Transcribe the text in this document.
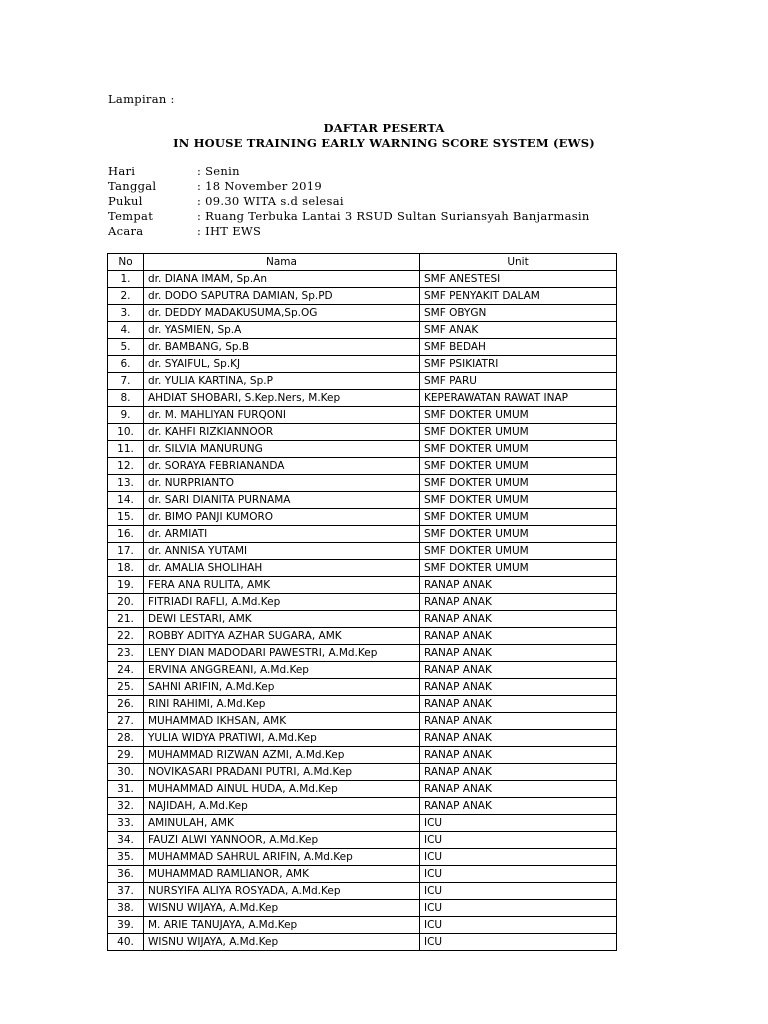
Lampiran :
DAFTAR PESERTA
IN HOUSE TRAINING EARLY WARNING SCORE SYSTEM (EWS)
Hari	: Senin
Tanggal	: 18 November 2019
Pukul	: 09.30 WITA s.d selesai
Tempat	: Ruang Terbuka Lantai 3 RSUD Sultan Suriansyah Banjarmasin
Acara	: IHT EWS
No	Nama	Unit
1.	dr. DIANA IMAM, Sp.An	SMF ANESTESI
2.	dr. DODO SAPUTRA DAMIAN, Sp.PD	SMF PENYAKIT DALAM
3.	dr. DEDDY MADAKUSUMA,Sp.OG	SMF OBYGN
4.	dr. YASMIEN, Sp.A	SMF ANAK
5.	dr. BAMBANG, Sp.B	SMF BEDAH
6.	dr. SYAIFUL, Sp.KJ	SMF PSIKIATRI
7.	dr. YULIA KARTINA, Sp.P	SMF PARU
8.	AHDIAT SHOBARI, S.Kep.Ners, M.Kep	KEPERAWATAN RAWAT INAP
9.	dr. M. MAHLIYAN FURQONI	SMF DOKTER UMUM
10.	dr. KAHFI RIZKIANNOOR	SMF DOKTER UMUM
11.	dr. SILVIA MANURUNG	SMF DOKTER UMUM
12.	dr. SORAYA FEBRIANANDA	SMF DOKTER UMUM
13.	dr. NURPRIANTO	SMF DOKTER UMUM
14.	dr. SARI DIANITA PURNAMA	SMF DOKTER UMUM
15.	dr. BIMO PANJI KUMORO	SMF DOKTER UMUM
16.	dr. ARMIATI	SMF DOKTER UMUM
17.	dr. ANNISA YUTAMI	SMF DOKTER UMUM
18.	dr. AMALIA SHOLIHAH	SMF DOKTER UMUM
19.	FERA ANA RULITA, AMK	RANAP ANAK
20.	FITRIADI RAFLI, A.Md.Kep	RANAP ANAK
21.	DEWI LESTARI, AMK	RANAP ANAK
22.	ROBBY ADITYA AZHAR SUGARA, AMK	RANAP ANAK
23.	LENY DIAN MADODARI PAWESTRI, A.Md.Kep	RANAP ANAK
24.	ERVINA ANGGREANI, A.Md.Kep	RANAP ANAK
25.	SAHNI ARIFIN, A.Md.Kep	RANAP ANAK
26.	RINI RAHIMI, A.Md.Kep	RANAP ANAK
27.	MUHAMMAD IKHSAN, AMK	RANAP ANAK
28.	YULIA WIDYA PRATIWI, A.Md.Kep	RANAP ANAK
29.	MUHAMMAD RIZWAN AZMI, A.Md.Kep	RANAP ANAK
30.	NOVIKASARI PRADANI PUTRI, A.Md.Kep	RANAP ANAK
31.	MUHAMMAD AINUL HUDA, A.Md.Kep	RANAP ANAK
32.	NAJIDAH, A.Md.Kep	RANAP ANAK
33.	AMINULAH, AMK	ICU
34.	FAUZI ALWI YANNOOR, A.Md.Kep	ICU
35.	MUHAMMAD SAHRUL ARIFIN, A.Md.Kep	ICU
36.	MUHAMMAD RAMLIANOR, AMK	ICU
37.	NURSYIFA ALIYA ROSYADA, A.Md.Kep	ICU
38.	WISNU WIJAYA, A.Md.Kep	ICU
39.	M. ARIE TANUJAYA, A.Md.Kep	ICU
40.	WISNU WIJAYA, A.Md.Kep	ICU
